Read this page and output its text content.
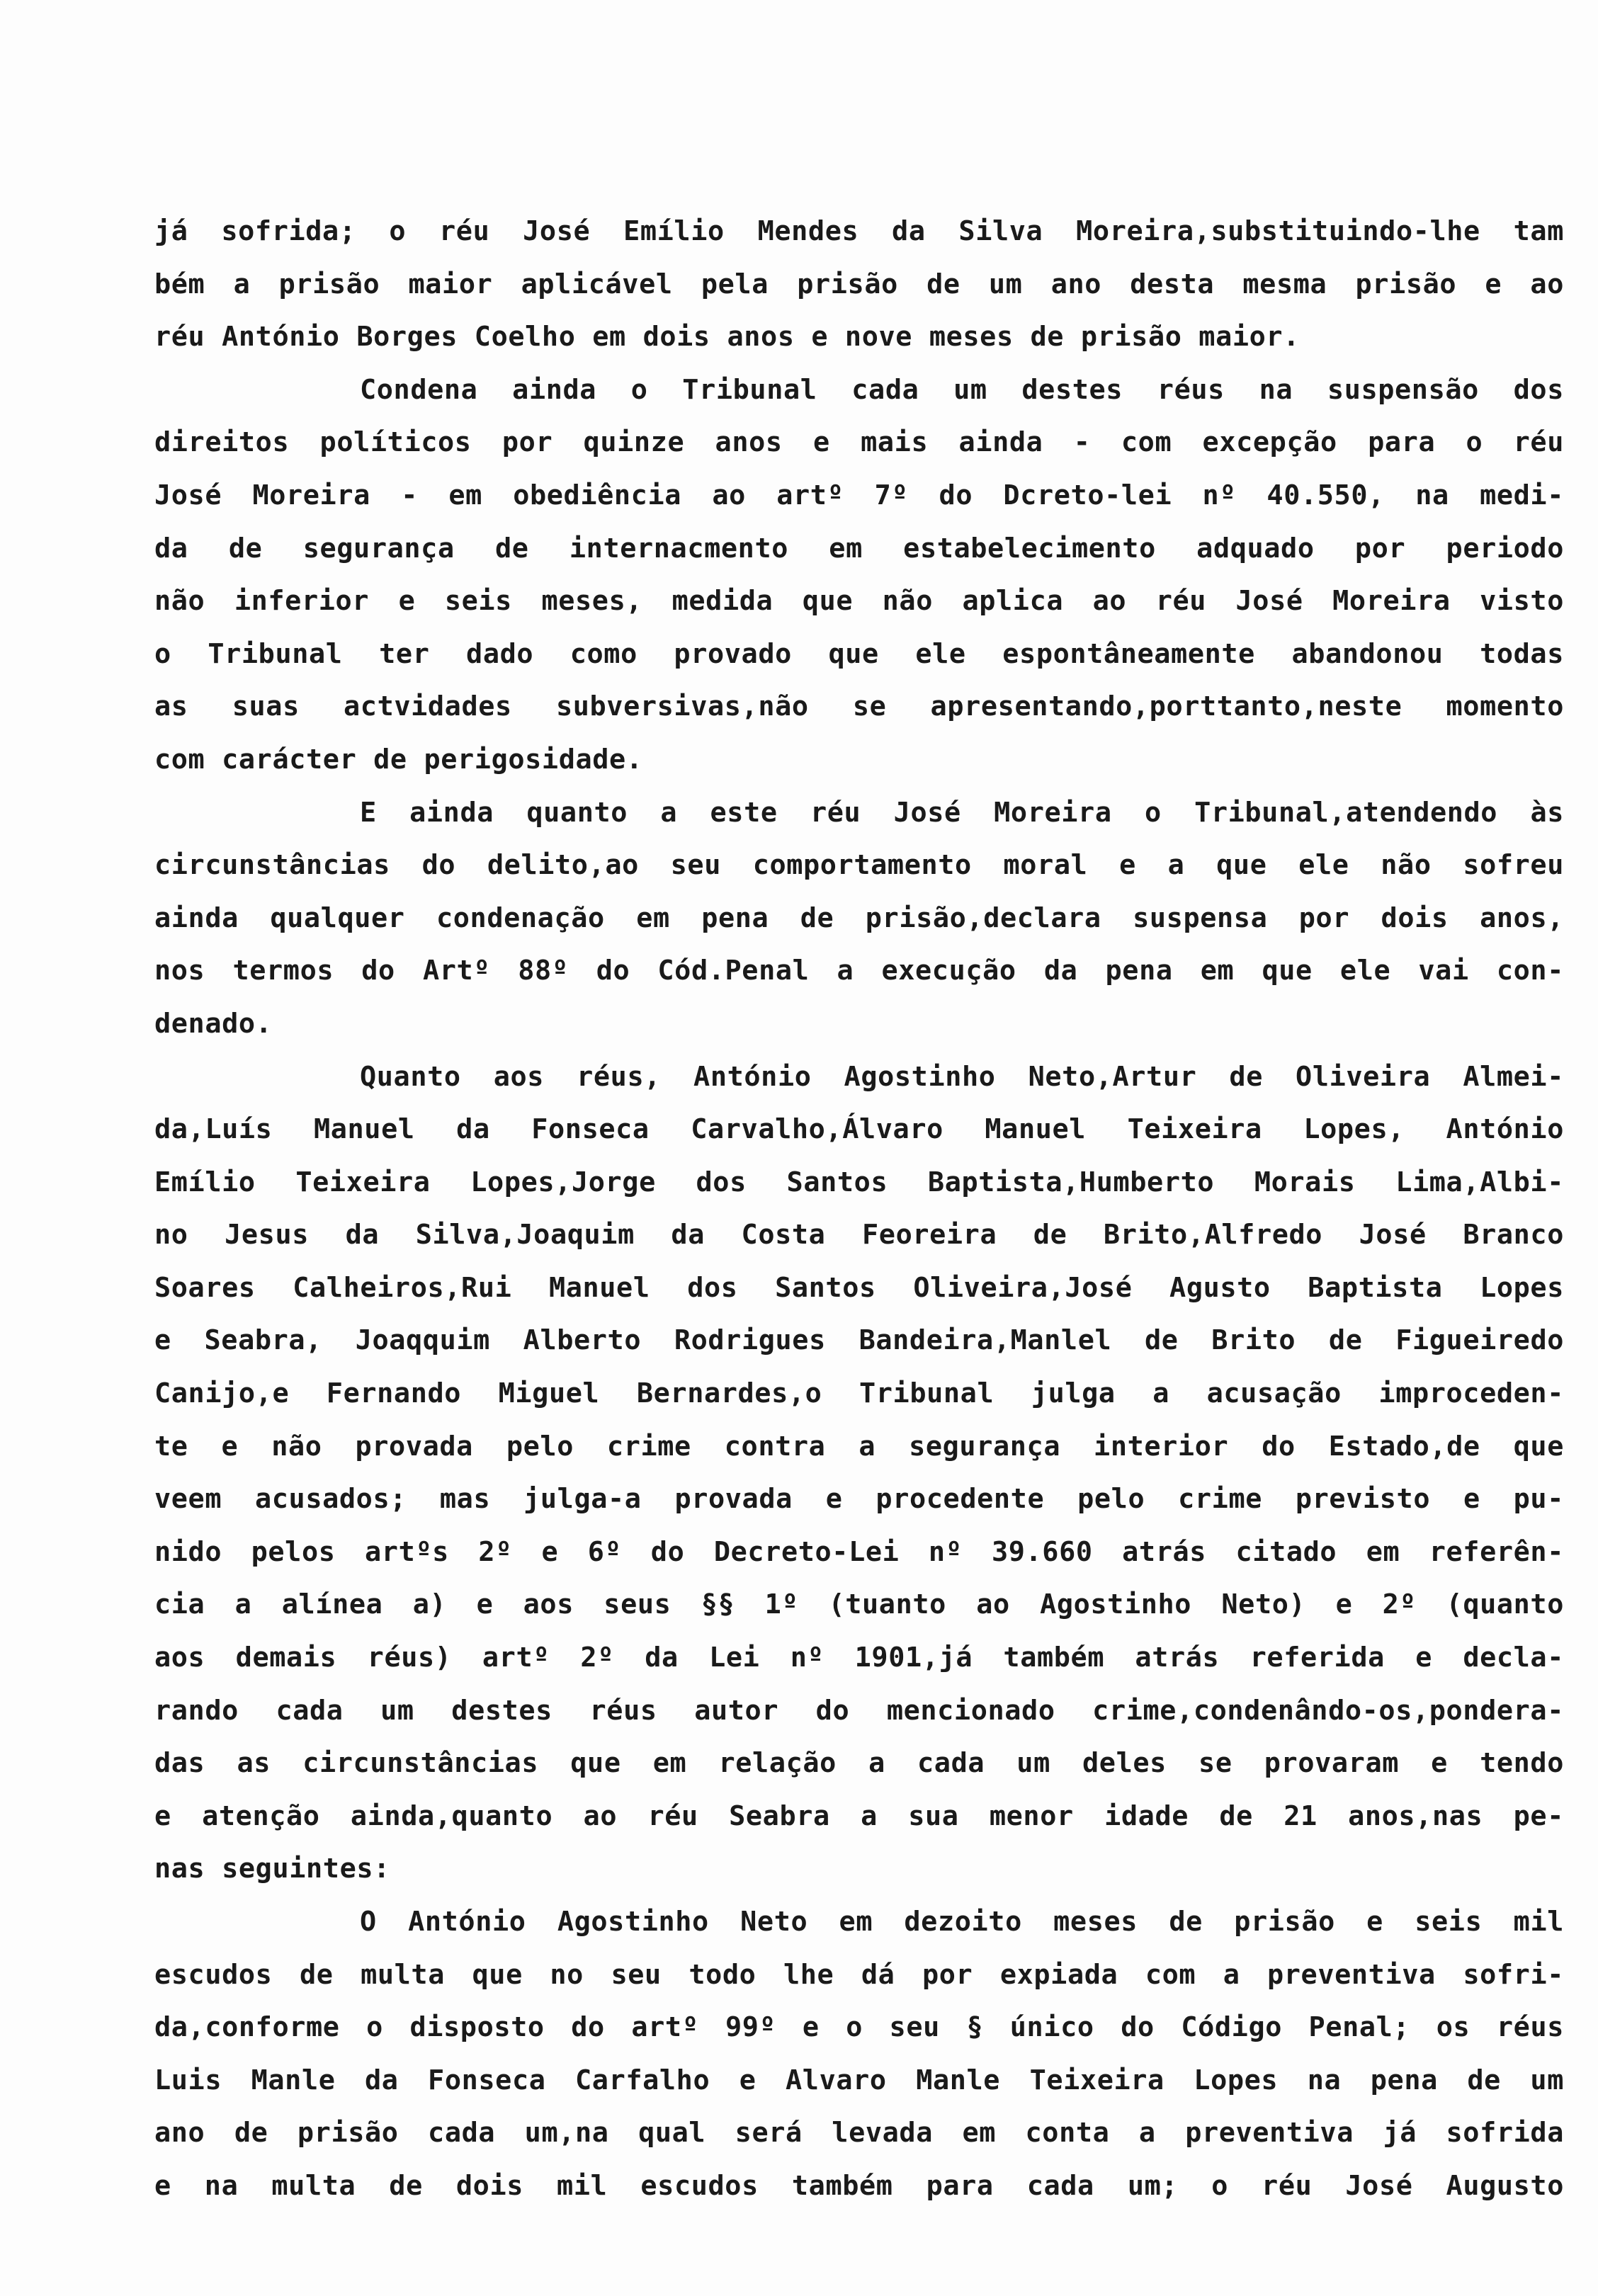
já sofrida; o réu José Emílio Mendes da Silva Moreira,substituindo-lhe tam
bém a prisão maior aplicável pela prisão de um ano desta mesma prisão e ao
réu António Borges Coelho em dois anos e nove meses de prisão maior.
Condena ainda o Tribunal cada um destes réus na suspensão dos
direitos políticos por quinze anos e mais ainda - com excepção para o réu
José Moreira - em obediência ao artº 7º do Dcreto-lei nº 40.550, na medi-
da de segurança de internacmento em estabelecimento adquado por periodo
não inferior e seis meses, medida que não aplica ao réu José Moreira visto
o Tribunal ter dado como provado que ele espontâneamente abandonou todas
as suas actvidades subversivas,não se apresentando,porttanto,neste momento
com carácter de perigosidade.
E ainda quanto a este réu José Moreira o Tribunal,atendendo às
circunstâncias do delito,ao seu comportamento moral e a que ele não sofreu
ainda qualquer condenação em pena de prisão,declara suspensa por dois anos,
nos termos do Artº 88º do Cód.Penal a execução da pena em que ele vai con-
denado.
Quanto aos réus, António Agostinho Neto,Artur de Oliveira Almei-
da,Luís Manuel da Fonseca Carvalho,Álvaro Manuel Teixeira Lopes, António
Emílio Teixeira Lopes,Jorge dos Santos Baptista,Humberto Morais Lima,Albi-
no Jesus da Silva,Joaquim da Costa Feoreira de Brito,Alfredo José Branco
Soares Calheiros,Rui Manuel dos Santos Oliveira,José Agusto Baptista Lopes
e Seabra, Joaqquim Alberto Rodrigues Bandeira,Manlel de Brito de Figueiredo
Canijo,e Fernando Miguel Bernardes,o Tribunal julga a acusação improceden-
te e não provada pelo crime contra a segurança interior do Estado,de que
veem acusados; mas julga-a provada e procedente pelo crime previsto e pu-
nido pelos artºs 2º e 6º do Decreto-Lei nº 39.660 atrás citado em referên-
cia a alínea a) e aos seus §§ 1º (tuanto ao Agostinho Neto) e 2º (quanto
aos demais réus) artº 2º da Lei nº 1901,já também atrás referida e decla-
rando cada um destes réus autor do mencionado crime,condenândo-os,pondera-
das as circunstâncias que em relação a cada um deles se provaram e tendo
e atenção ainda,quanto ao réu Seabra a sua menor idade de 21 anos,nas pe-
nas seguintes:
O António Agostinho Neto em dezoito meses de prisão e seis mil
escudos de multa que no seu todo lhe dá por expiada com a preventiva sofri-
da,conforme o disposto do artº 99º e o seu § único do Código Penal; os réus
Luis Manle da Fonseca Carfalho e Alvaro Manle Teixeira Lopes na pena de um
ano de prisão cada um,na qual será levada em conta a preventiva já sofrida
e na multa de dois mil escudos também para cada um; o réu José Augusto
